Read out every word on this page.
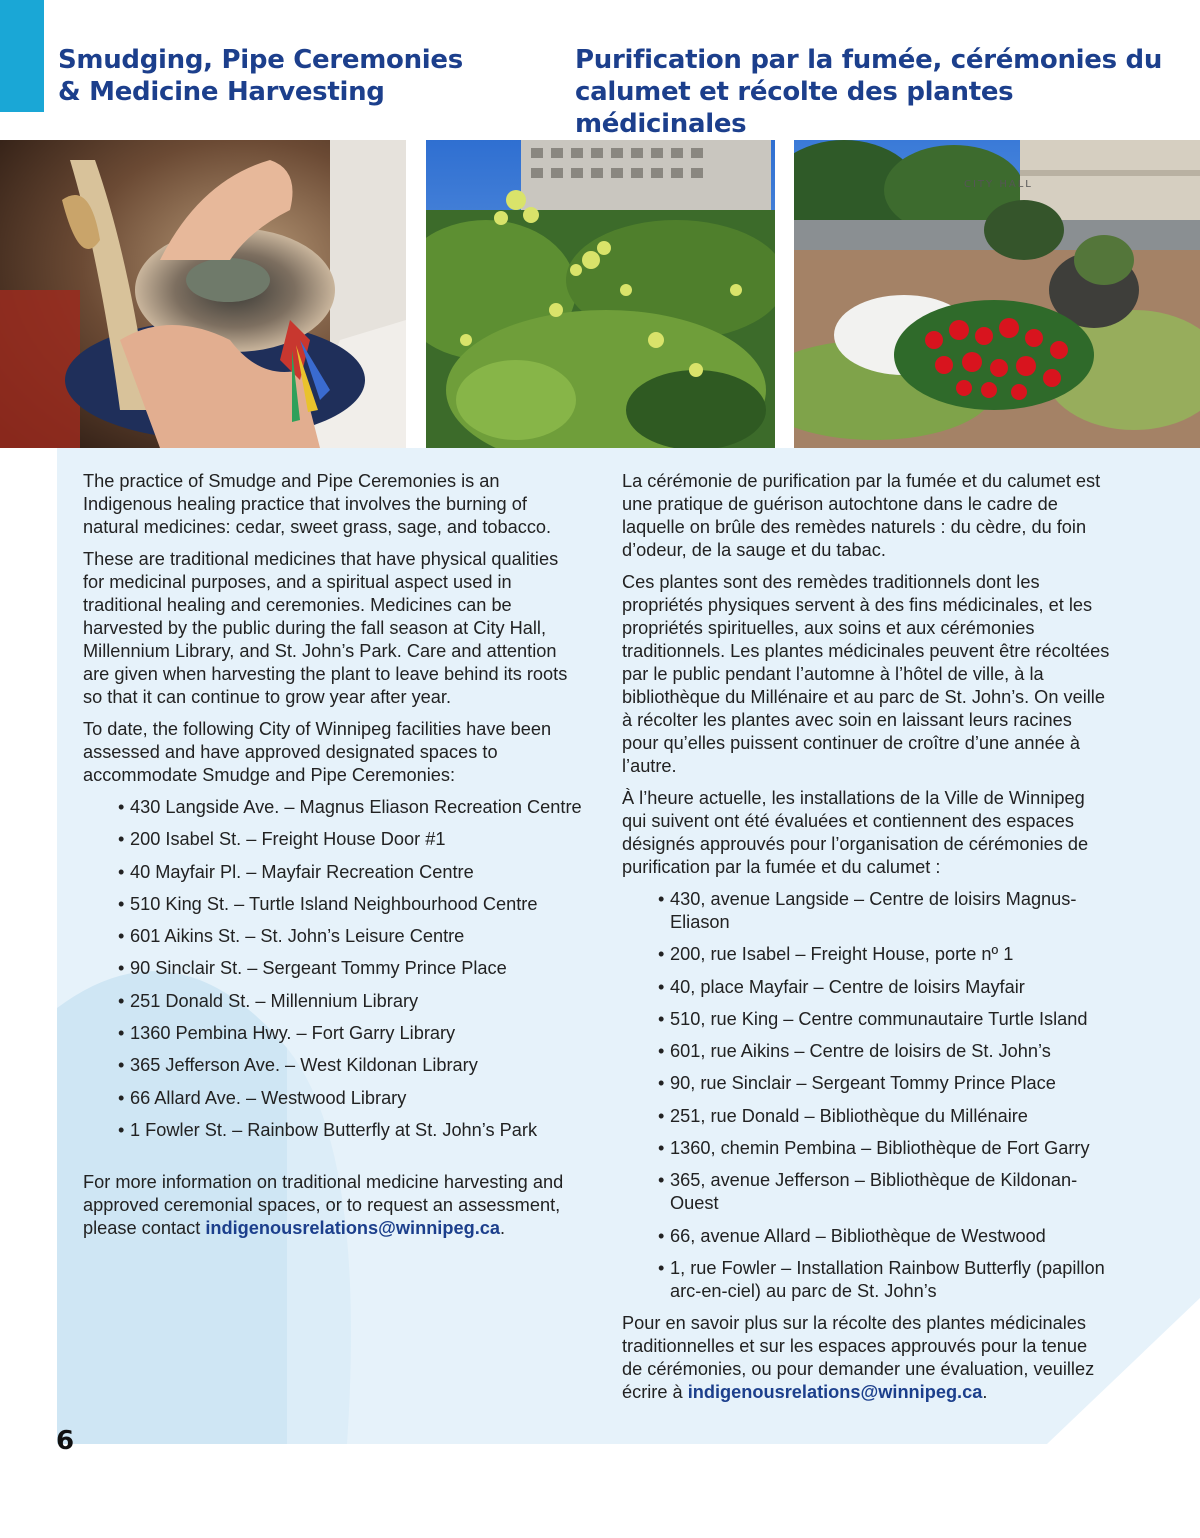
Smudging, Pipe Ceremonies
& Medicine Harvesting
Purification par la fumée, cérémonies du
calumet et récolte des plantes médicinales
CITY HALL

The practice of Smudge and Pipe Ceremonies is an Indigenous healing practice that involves the burning of natural medicines: cedar, sweet grass, sage, and tobacco.

These are traditional medicines that have physical qualities for medicinal purposes, and a spiritual aspect used in traditional healing and ceremonies. Medicines can be harvested by the public during the fall season at City Hall, Millennium Library, and St. John’s Park. Care and attention are given when harvesting the plant to leave behind its roots so that it can continue to grow year after year.

To date, the following City of Winnipeg facilities have been assessed and have approved designated spaces to accommodate Smudge and Pipe Ceremonies:

• 430 Langside Ave. – Magnus Eliason Recreation Centre
• 200 Isabel St. – Freight House Door #1
• 40 Mayfair Pl. – Mayfair Recreation Centre
• 510 King St. – Turtle Island Neighbourhood Centre
• 601 Aikins St. – St. John’s Leisure Centre
• 90 Sinclair St. – Sergeant Tommy Prince Place
• 251 Donald St. – Millennium Library
• 1360 Pembina Hwy. – Fort Garry Library
• 365 Jefferson Ave. – West Kildonan Library
• 66 Allard Ave. – Westwood Library
• 1 Fowler St. – Rainbow Butterfly at St. John’s Park

For more information on traditional medicine harvesting and approved ceremonial spaces, or to request an assessment, please contact indigenousrelations@winnipeg.ca.

La cérémonie de purification par la fumée et du calumet est une pratique de guérison autochtone dans le cadre de laquelle on brûle des remèdes naturels : du cèdre, du foin d’odeur, de la sauge et du tabac.

Ces plantes sont des remèdes traditionnels dont les propriétés physiques servent à des fins médicinales, et les propriétés spirituelles, aux soins et aux cérémonies traditionnels. Les plantes médicinales peuvent être récoltées par le public pendant l’automne à l’hôtel de ville, à la bibliothèque du Millénaire et au parc de St. John’s. On veille à récolter les plantes avec soin en laissant leurs racines pour qu’elles puissent continuer de croître d’une année à l’autre.

À l’heure actuelle, les installations de la Ville de Winnipeg qui suivent ont été évaluées et contiennent des espaces désignés approuvés pour l’organisation de cérémonies de purification par la fumée et du calumet :

• 430, avenue Langside – Centre de loisirs Magnus-Eliason
• 200, rue Isabel – Freight House, porte nº 1
• 40, place Mayfair – Centre de loisirs Mayfair
• 510, rue King – Centre communautaire Turtle Island
• 601, rue Aikins – Centre de loisirs de St. John’s
• 90, rue Sinclair – Sergeant Tommy Prince Place
• 251, rue Donald – Bibliothèque du Millénaire
• 1360, chemin Pembina – Bibliothèque de Fort Garry
• 365, avenue Jefferson – Bibliothèque de Kildonan-Ouest
• 66, avenue Allard – Bibliothèque de Westwood
• 1, rue Fowler – Installation Rainbow Butterfly (papillon arc-en-ciel) au parc de St. John’s

Pour en savoir plus sur la récolte des plantes médicinales traditionnelles et sur les espaces approuvés pour la tenue de cérémonies, ou pour demander une évaluation, veuillez écrire à indigenousrelations@winnipeg.ca.

6
